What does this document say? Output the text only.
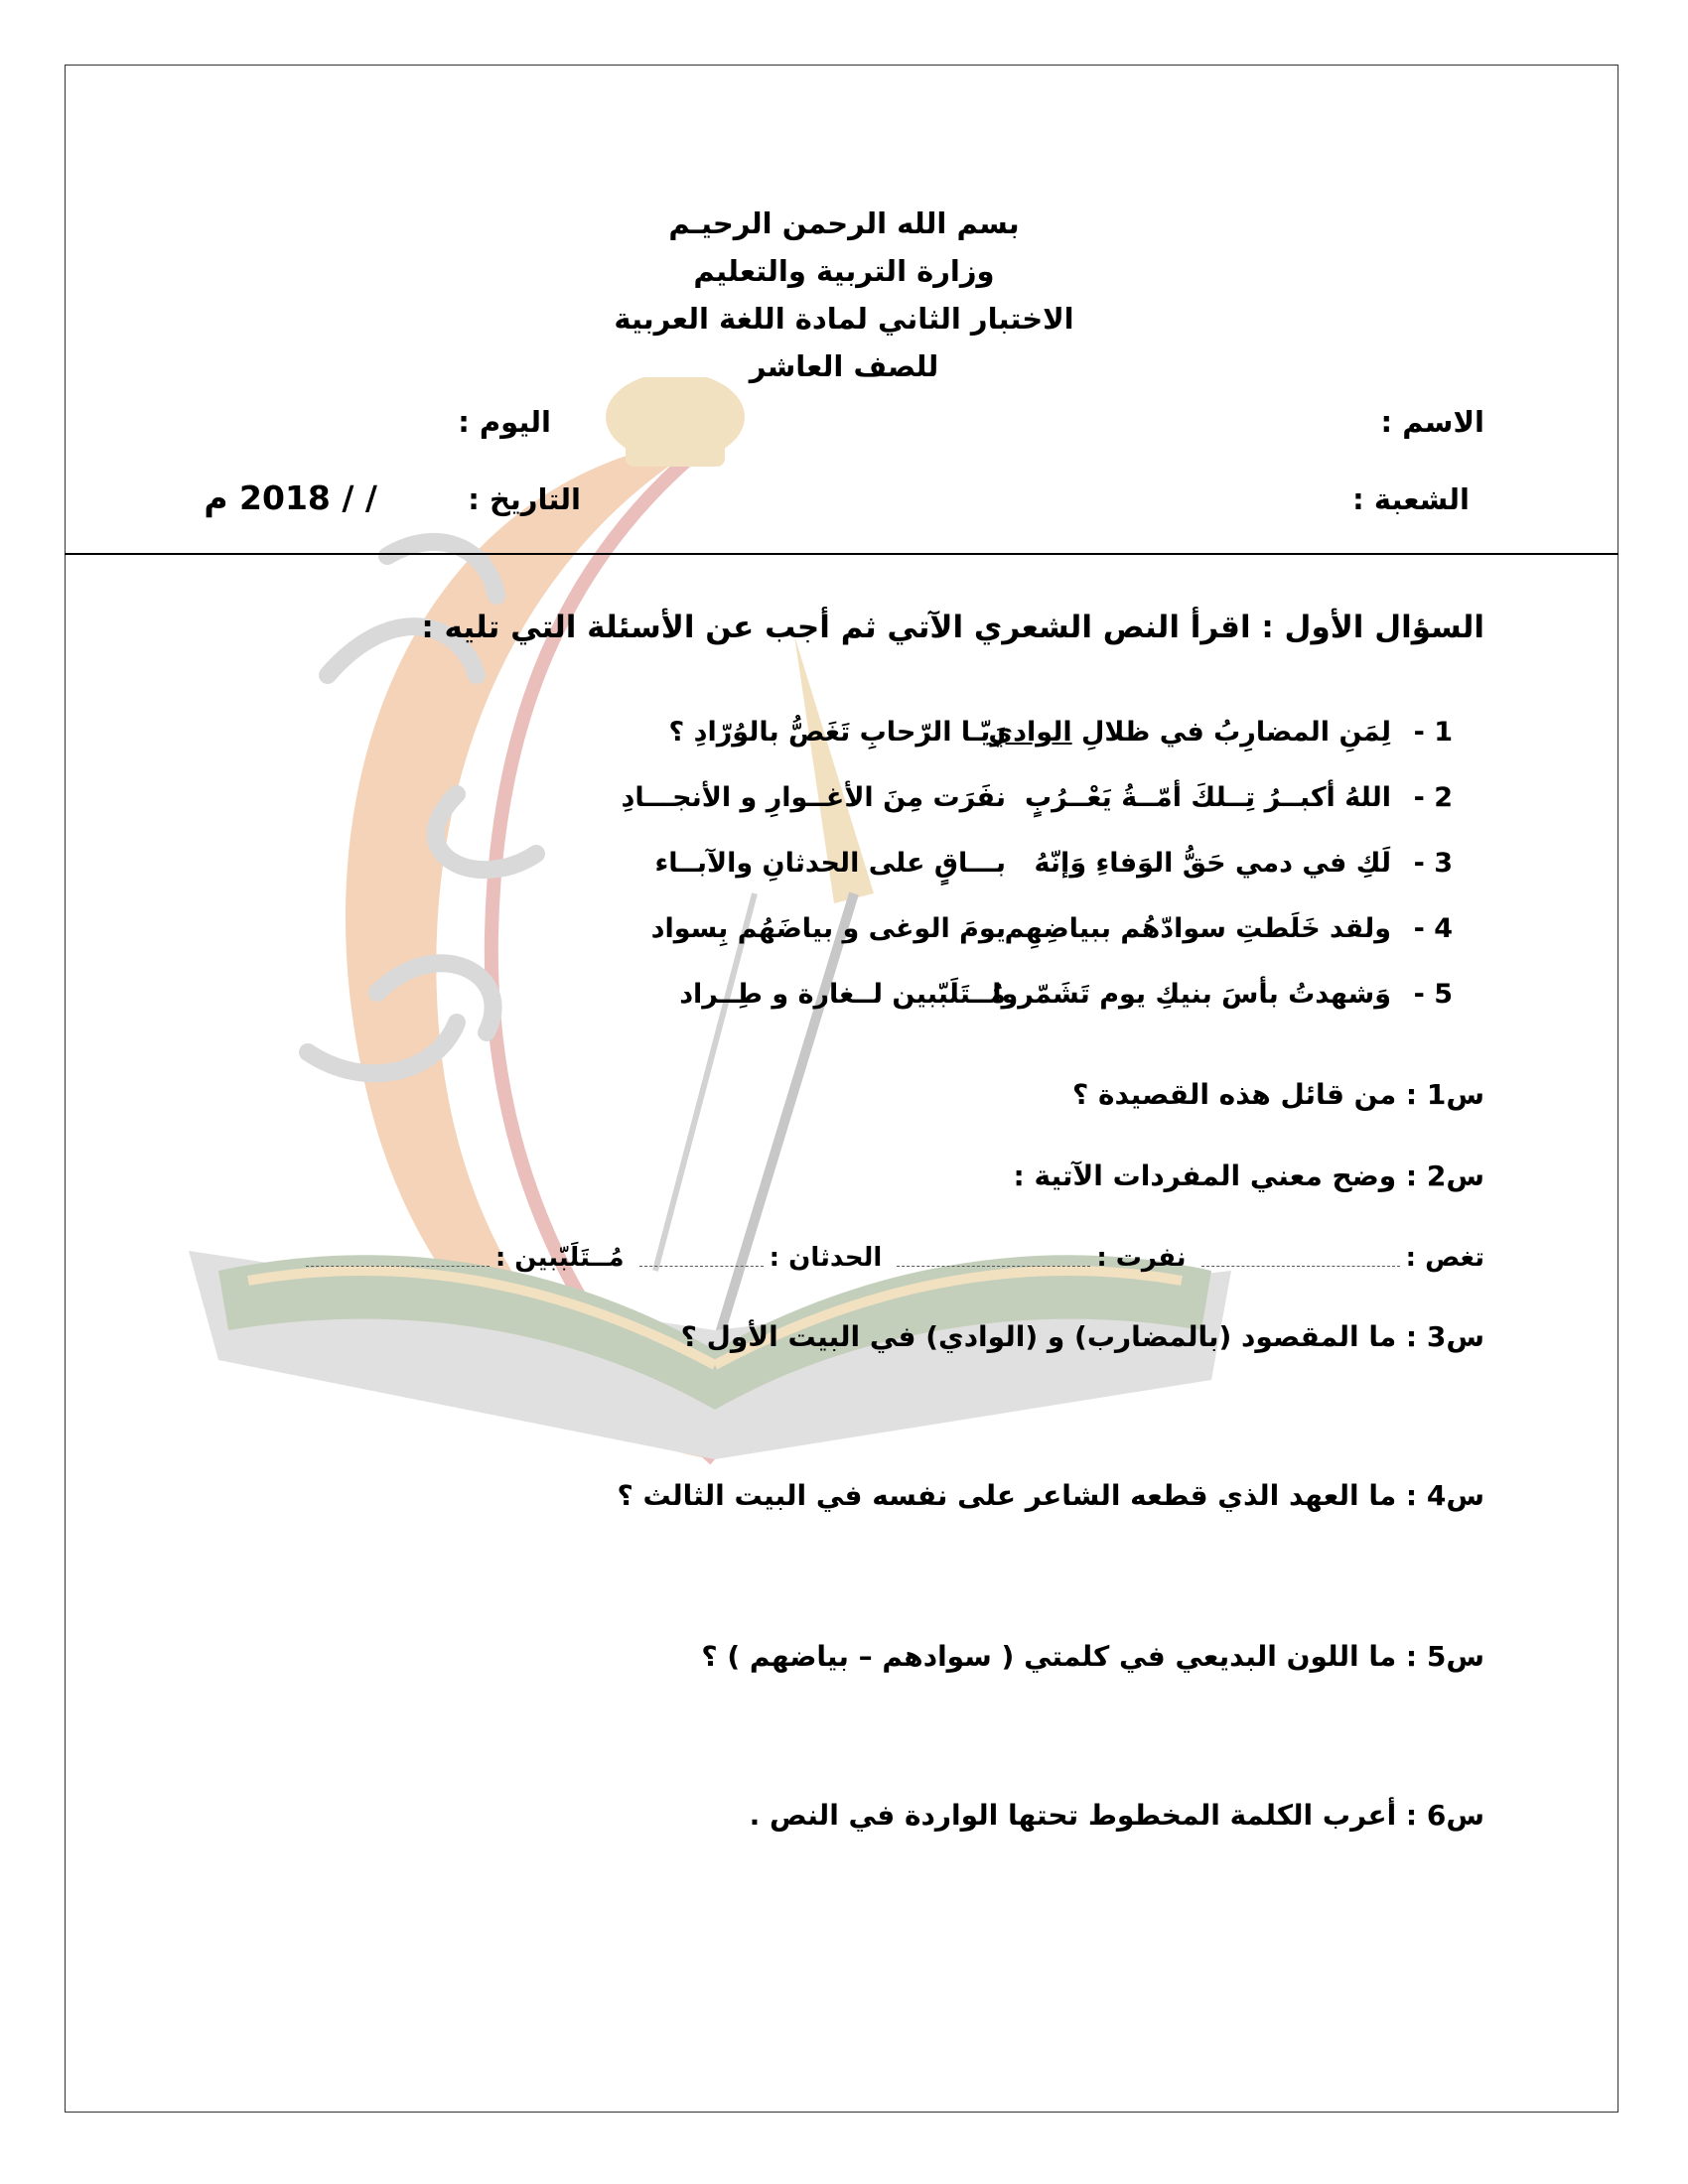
بسم الله الرحمن الرحيـم
وزارة التربية والتعليم
الاختبار الثاني لمادة اللغة العربية
للصف العاشر
الاسم :
اليوم :
الشعبة :
التاريخ :
/ / 2018 م
السؤال الأول : اقرأ النص الشعري الآتي ثم أجب عن الأسئلة التي تليه :
1 -
لِمَنِ المضارِبُ في ظلالِ الوادي
رَيّـا الرّحابِ تَغَصُّ بالوُرّادِ ؟
2 -
اللهُ أكبــرُ تِــلكَ أمّــةُ يَعْــرُبٍ
نفَرَت مِنَ الأغــوارِ و الأنجـــادِ
3 -
لَكِ في دمي حَقُّ الوَفاءِ وَإنّهُ
بـــاقٍ على الحدثانِ والآبــاء
4 -
ولقد خَلَطتِ سوادّهُم ببياضِهِم
يومَ الوغى و بياضَهُم بِسواد
5 -
وَشهدتُ بأسَ بنيكِ يوم تَشَمّروا
مُــتَلَبّبين لــغارة و طِــراد
س1 : من قائل هذه القصيدة ؟
س2 : وضح معني المفردات الآتية :
تغص : نفرت : الحدثان : مُــتَلَبّبين :
س3 : ما المقصود (بالمضارب) و (الوادي) في البيت الأول ؟
س4 : ما العهد الذي قطعه الشاعر على نفسه في البيت الثالث ؟
س5 : ما اللون البديعي في كلمتي ( سوادهم – بياضهم ) ؟
س6 : أعرب الكلمة المخطوط تحتها الواردة في النص .
